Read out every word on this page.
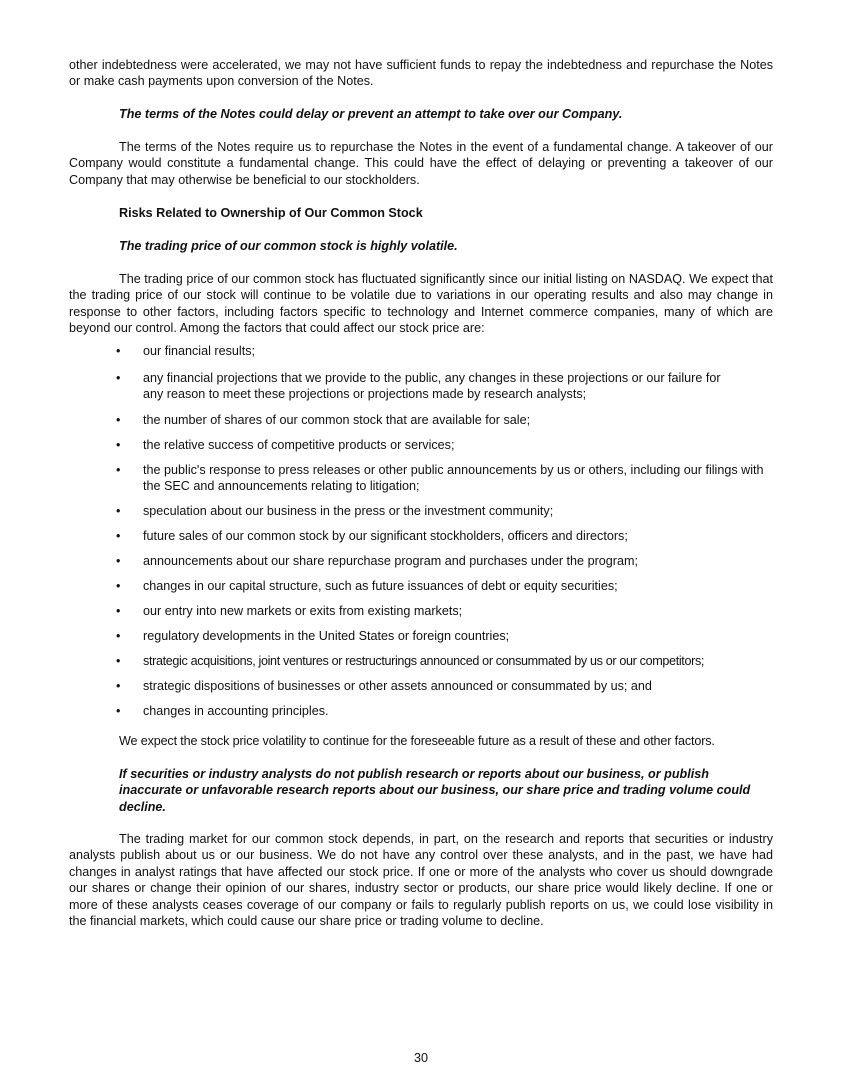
other indebtedness were accelerated, we may not have sufficient funds to repay the indebtedness and repurchase the Notes or make cash payments upon conversion of the Notes.

The terms of the Notes could delay or prevent an attempt to take over our Company.

The terms of the Notes require us to repurchase the Notes in the event of a fundamental change. A takeover of our Company would constitute a fundamental change. This could have the effect of delaying or preventing a takeover of our Company that may otherwise be beneficial to our stockholders.

Risks Related to Ownership of Our Common Stock

The trading price of our common stock is highly volatile.

The trading price of our common stock has fluctuated significantly since our initial listing on NASDAQ. We expect that the trading price of our stock will continue to be volatile due to variations in our operating results and also may change in response to other factors, including factors specific to technology and Internet commerce companies, many of which are beyond our control. Among the factors that could affect our stock price are:

• our financial results;
• any financial projections that we provide to the public, any changes in these projections or our failure for any reason to meet these projections or projections made by research analysts;
• the number of shares of our common stock that are available for sale;
• the relative success of competitive products or services;
• the public's response to press releases or other public announcements by us or others, including our filings with the SEC and announcements relating to litigation;
• speculation about our business in the press or the investment community;
• future sales of our common stock by our significant stockholders, officers and directors;
• announcements about our share repurchase program and purchases under the program;
• changes in our capital structure, such as future issuances of debt or equity securities;
• our entry into new markets or exits from existing markets;
• regulatory developments in the United States or foreign countries;
• strategic acquisitions, joint ventures or restructurings announced or consummated by us or our competitors;
• strategic dispositions of businesses or other assets announced or consummated by us; and
• changes in accounting principles.

We expect the stock price volatility to continue for the foreseeable future as a result of these and other factors.

If securities or industry analysts do not publish research or reports about our business, or publish inaccurate or unfavorable research reports about our business, our share price and trading volume could decline.

The trading market for our common stock depends, in part, on the research and reports that securities or industry analysts publish about us or our business. We do not have any control over these analysts, and in the past, we have had changes in analyst ratings that have affected our stock price. If one or more of the analysts who cover us should downgrade our shares or change their opinion of our shares, industry sector or products, our share price would likely decline. If one or more of these analysts ceases coverage of our company or fails to regularly publish reports on us, we could lose visibility in the financial markets, which could cause our share price or trading volume to decline.

30
